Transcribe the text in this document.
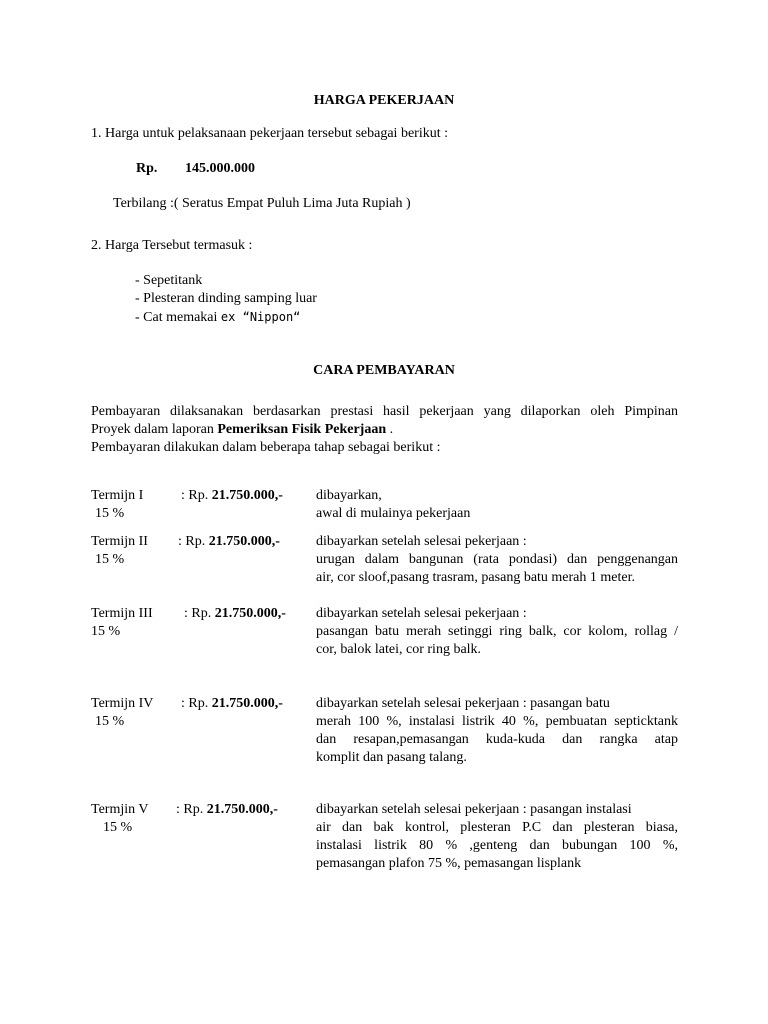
HARGA PEKERJAAN
1. Harga untuk pelaksanaan pekerjaan tersebut sebagai berikut :
Rp. 145.000.000
Terbilang :( Seratus Empat Puluh Lima Juta Rupiah )
2. Harga Tersebut termasuk :
- Sepetitank
- Plesteran dinding samping luar
- Cat memakai ex “Nippon“
CARA PEMBAYARAN
Pembayaran dilaksanakan berdasarkan prestasi hasil pekerjaan yang dilaporkan oleh Pimpinan
Proyek dalam laporan Pemeriksan Fisik Pekerjaan .
Pembayaran dilakukan dalam beberapa tahap sebagai berikut :
Termijn I
15 %
: Rp. 21.750.000,- dibayarkan,
awal di mulainya pekerjaan
Termijn II
15 %
: Rp. 21.750.000,-	dibayarkan setelah selesai pekerjaan :
urugan dalam bangunan (rata pondasi) dan penggenangan
air, cor sloof,pasang trasram, pasang batu merah 1 meter.
Termijn III
15 %
: Rp. 21.750.000,- dibayarkan setelah selesai pekerjaan :
pasangan batu merah setinggi ring balk, cor kolom, rollag /
cor, balok latei, cor ring balk.
Termijn IV
15 %
: Rp. 21.750.000,- dibayarkan setelah selesai pekerjaan : pasangan batu
merah 100 %, instalasi listrik 40 %, pembuatan septicktank
dan resapan,pemasangan kuda-kuda dan rangka atap
komplit dan pasang talang.
Termjin V
15 %
: Rp. 21.750.000,-	dibayarkan setelah selesai pekerjaan : pasangan instalasi
air dan bak kontrol, plesteran P.C dan plesteran biasa,
instalasi listrik 80 % ,genteng dan bubungan 100 %,
pemasangan plafon 75 %, pemasangan lisplank
